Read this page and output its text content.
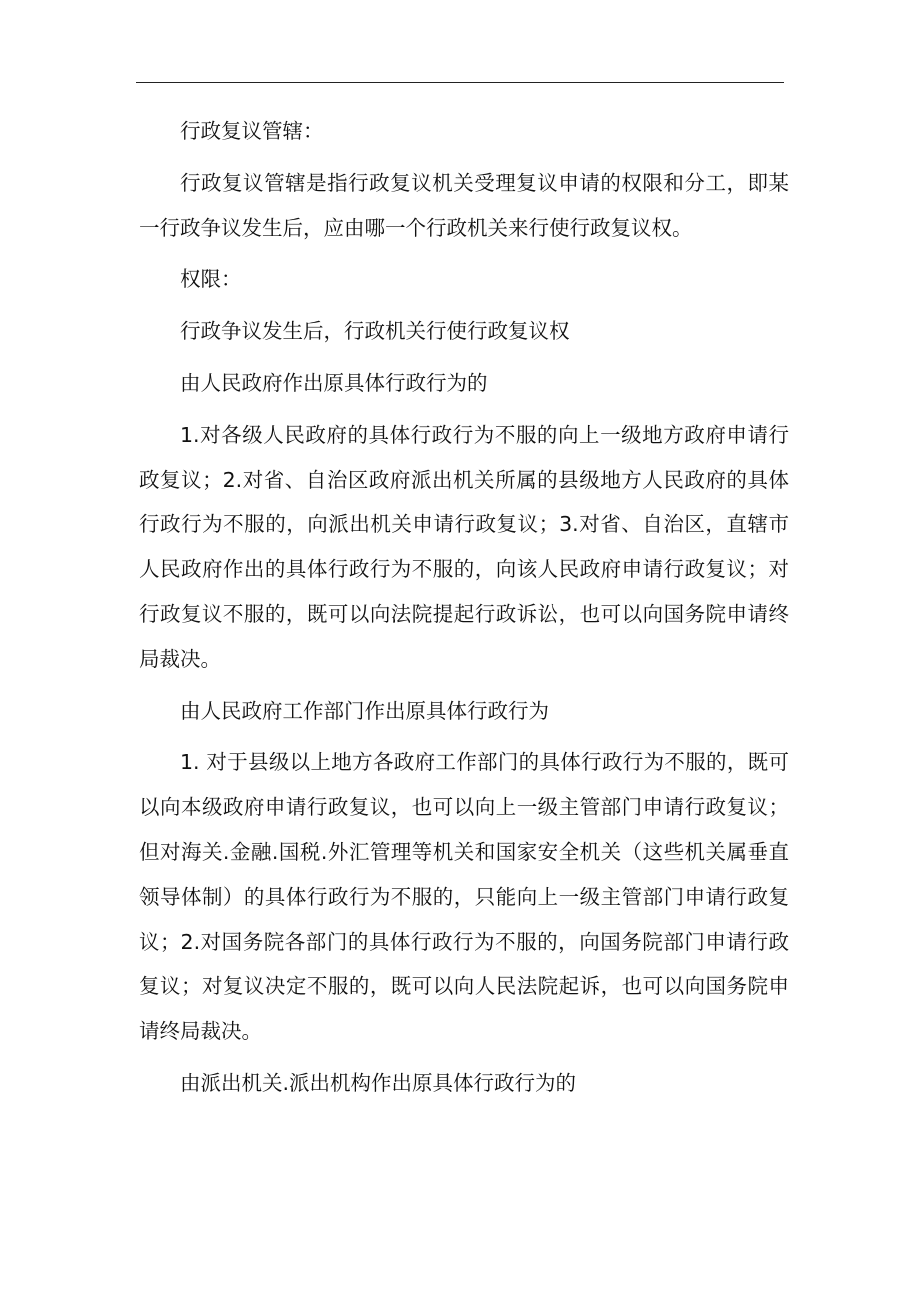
行政复议管辖：

行政复议管辖是指行政复议机关受理复议申请的权限和分工，即某一行政争议发生后，应由哪一个行政机关来行使行政复议权。

权限：

行政争议发生后，行政机关行使行政复议权

由人民政府作出原具体行政行为的

1.对各级人民政府的具体行政行为不服的向上一级地方政府申请行政复议；2.对省、自治区政府派出机关所属的县级地方人民政府的具体行政行为不服的，向派出机关申请行政复议；3.对省、自治区，直辖市人民政府作出的具体行政行为不服的，向该人民政府申请行政复议；对行政复议不服的，既可以向法院提起行政诉讼，也可以向国务院申请终局裁决。

由人民政府工作部门作出原具体行政行为

1. 对于县级以上地方各政府工作部门的具体行政行为不服的，既可以向本级政府申请行政复议，也可以向上一级主管部门申请行政复议；但对海关.金融.国税.外汇管理等机关和国家安全机关（这些机关属垂直领导体制）的具体行政行为不服的，只能向上一级主管部门申请行政复议；2.对国务院各部门的具体行政行为不服的，向国务院部门申请行政复议；对复议决定不服的，既可以向人民法院起诉，也可以向国务院申请终局裁决。

由派出机关.派出机构作出原具体行政行为的
